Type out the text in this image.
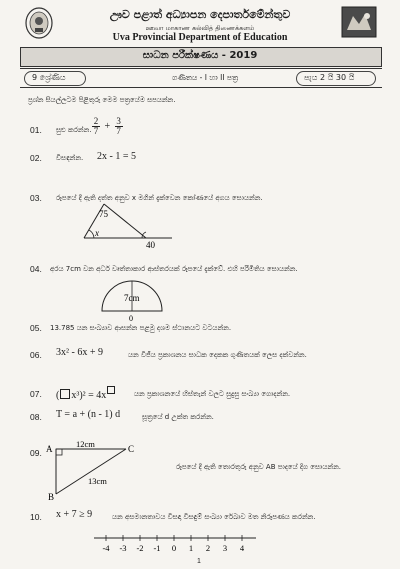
ඌව පළාත් අධ්‍යාපන දෙපාර්තමේන්තුව
ஊவா மாகாண கல்வித் திணைக்களம்
Uva Provincial Department of Education
සාධන පරීක්ෂණය - 2019
9 ශ්‍රේණිය	ගණිතය - I හා II පත්‍ර	පැය 2 යි 30 යි
ප්‍රශ්න සියල්ලටම පිළිතුරු මෙම පත්‍රයේම සපයන්න.
01. සුළු කරන්න. $\frac{2}{7} + \frac{3}{7}$
02. විසඳන්න. 2x - 1 = 5
03. රූපයේ දී ඇති දත්ත අනුව x මගින් දැක්වෙන කෝණයේ අගය සොයන්න.
75
x
40
04. අරය 7cm වන අර්ධ වෘත්තාකාර ආස්තරයක් රූපයේ දැක්වේ. එහි පරිමිතිය සොයන්න.
7cm
0
05. 13.785 යන සංඛ්‍යාව ආසන්න පළමු දශම ස්ථානයට වටයන්න.
06. 3x² - 6x + 9	යන විජීය ප්‍රකාශනය සාධක දෙකක ගුණිතයක් ලෙස දක්වන්න.
07. ( x³)² = 4x	යන ප්‍රකාශනයේ හිස්තැන් වලට සුදුසු සංඛ්‍යා ගොදන්න.
08. T = a + (n - 1) d	සූත්‍රයේ d උක්ත කරන්න.
09. A	C
B
12cm
13cm
රූපයේ දී ඇති තොරතුරු අනුව AB පාදයේ දිග සොයන්න.
10. x + 7 ≥ 9	යන අසමානතාවය විසඳා විසඳුම් සංඛ්‍යා රේඛාව මත නිරූපණය කරන්න.
-4 -3 -2 -1 0 1 2 3 4
1
